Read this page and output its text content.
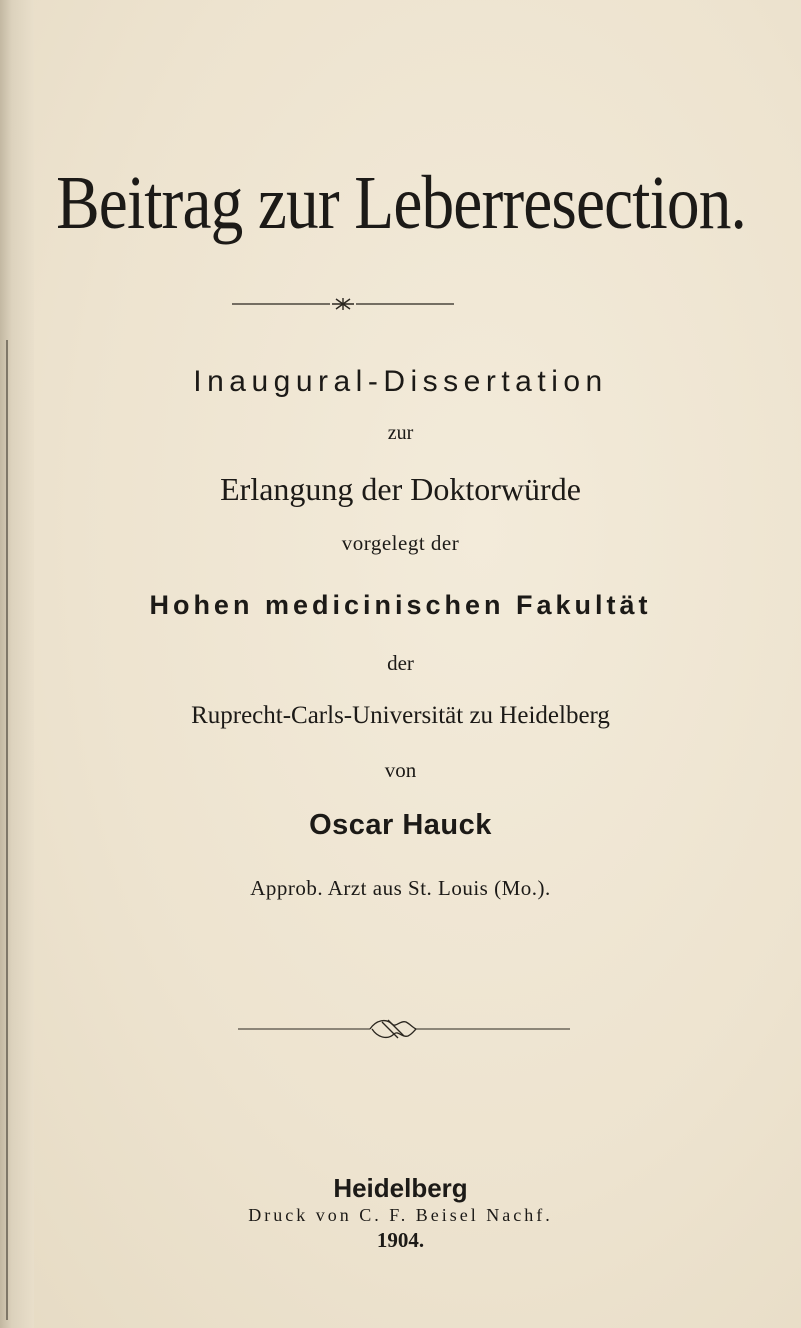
Beitrag zur Leberresection.
Inaugural-Dissertation
zur
Erlangung der Doktorwürde
vorgelegt der
Hohen medicinischen Fakultät
der
Ruprecht-Carls-Universität zu Heidelberg
von
Oscar Hauck
Approb. Arzt aus St. Louis (Mo.).
Heidelberg
Druck von C. F. Beisel Nachf.
1904.
